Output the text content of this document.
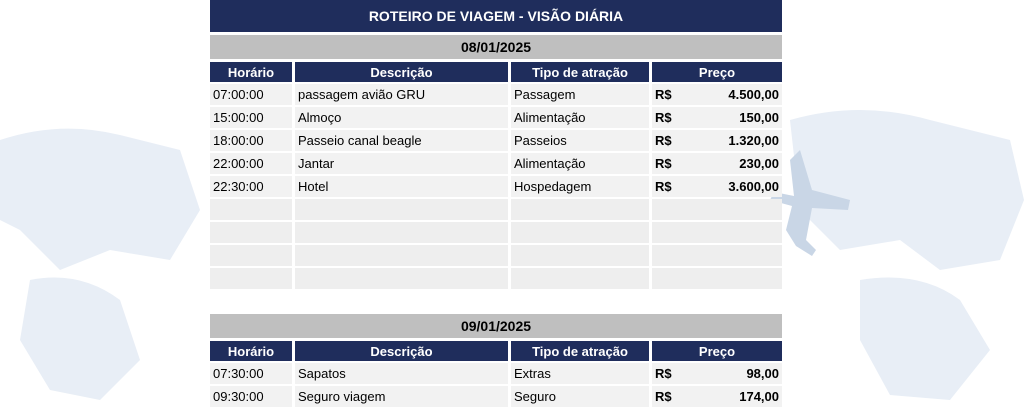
ROTEIRO DE VIAGEM - VISÃO DIÁRIA
08/01/2025
Horário	Descrição	Tipo de atração	Preço
07:00:00	passagem avião GRU	Passagem	R$	4.500,00
15:00:00	Almoço	Alimentação	R$	150,00
18:00:00	Passeio canal beagle	Passeios	R$	1.320,00
22:00:00	Jantar	Alimentação	R$	230,00
22:30:00	Hotel	Hospedagem	R$	3.600,00
09/01/2025
Horário	Descrição	Tipo de atração	Preço
07:30:00	Sapatos	Extras	R$	98,00
09:30:00	Seguro viagem	Seguro	R$	174,00
